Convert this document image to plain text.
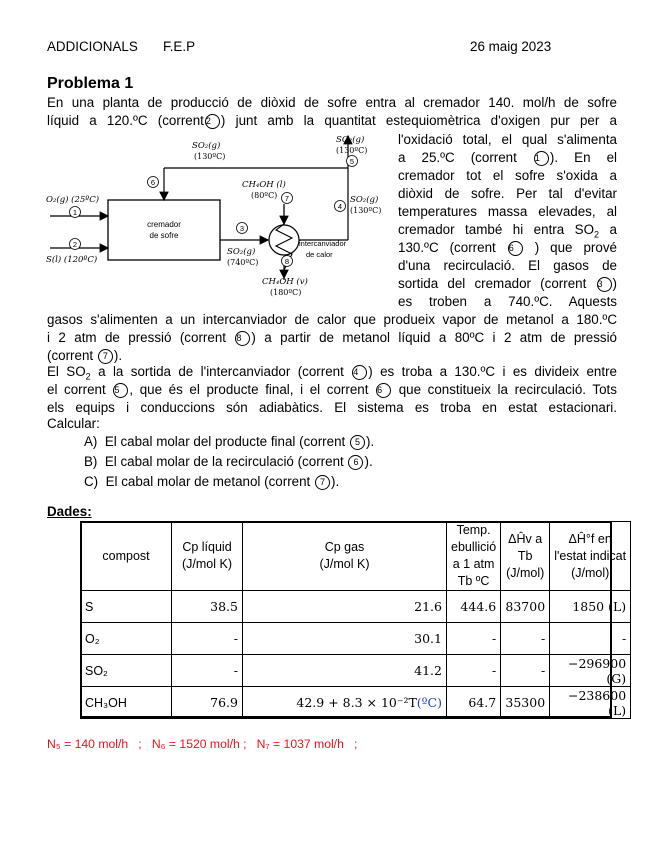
ADDICIONALS F.E.P	26 maig 2023
Problema 1
En una planta de producció de diòxid de sofre entra al cremador 140. mol/h de sofre
líquid a 120.ºC (corrent 2 ) junt amb la quantitat estequiomètrica d'oxigen pur per a
l'oxidació total, el qual s'alimenta
a 25.ºC (corrent 1 ). En el
cremador tot el sofre s'oxida a
diòxid de sofre. Per tal d'evitar
temperatures massa elevades, al
cremador també hi entra $SO_2$ a
130.ºC (corrent 6 ) que prové
d'una recirculació. El gasos de
sortida del cremador (corrent 3 )
es troben a 740.ºC. Aquests
gasos s'alimenten a un intercanviador de calor que produeix vapor de metanol a 180.ºC
i 2 atm de pressió (corrent 8 ) a partir de metanol líquid a 80ºC i 2 atm de pressió
(corrent 7 ).
cremador
de sofre
O₂(g) (25ºC)
1
2
S(l) (120ºC)
6
SO₂(g)
(130ºC)
SO₂(g)
(130ºC)
5
4
SO₂(g)
(130ºC)
3
SO₂(g)
(740ºC)
CH₄OH (l)
(80ºC) 7
intercanviador
de calor
8
CH₄OH (v)
(180ºC)
El $SO_2$ a la sortida de l'intercanviador (corrent 4 ) es troba a 130.ºC i es divideix entre
el corrent 5 , que és el producte final, i el corrent 6 que constitueix la recirculació. Tots
els equips i conduccions són adiabàtics. El sistema es troba en estat estacionari.
Calcular:
A) El cabal molar del producte final (corrent 5 ).
B) El cabal molar de la recirculació (corrent 6 ).
C) El cabal molar de metanol (corrent 7 ).
Dades:
compost	Cp líquid
(J/mol K)	Cp gas
(J/mol K)	Temp.
ebullició
a 1 atm
Tb ºC	ΔĤv a
Tb
(J/mol)	ΔĤ°f en
l'estat indicat
(J/mol)
S	38.5	21.6	444.6	83700	1850 (L)
O₂	-	30.1	-	-	-
SO₂	-	41.2	-	-	−296900 (G)
CH₃OH	76.9	42.9 + 8.3 × 10⁻²T(ºC)	64.7	35300	−238600 (L)
N₅ = 140 mol/h   ;   N₆ = 1520 mol/h ;   N₇ = 1037 mol/h   ;
